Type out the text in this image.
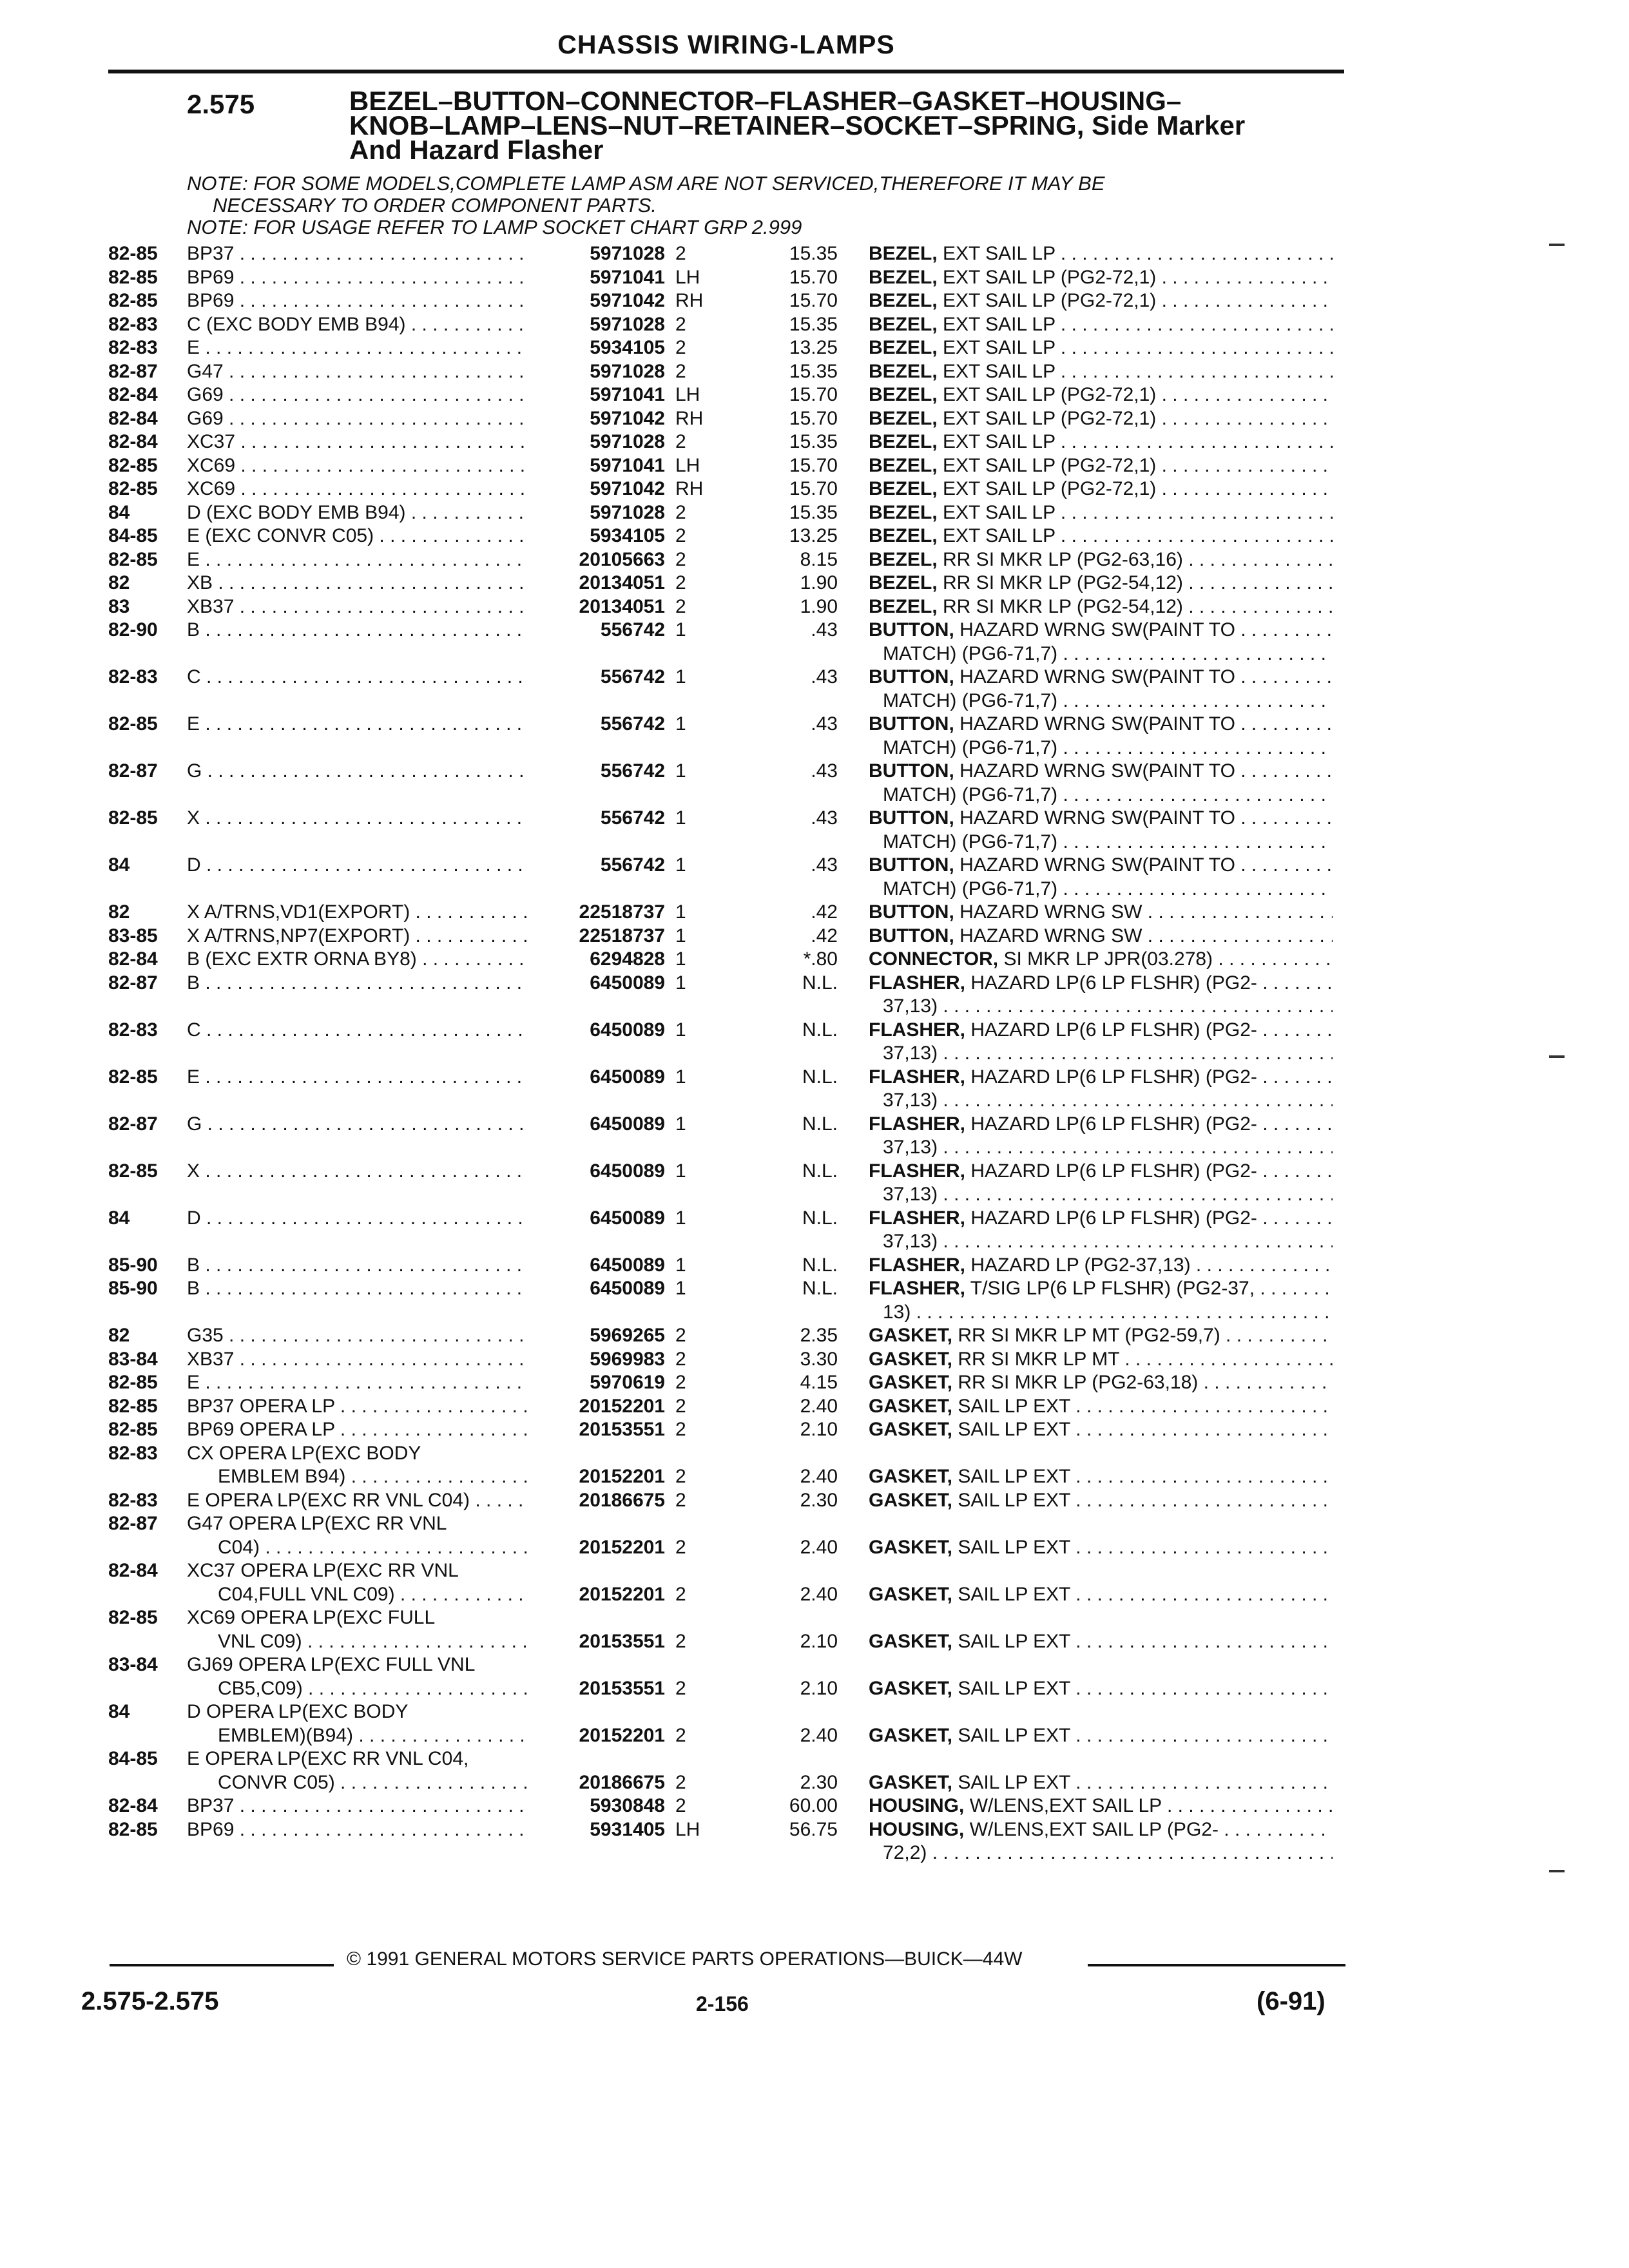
CHASSIS WIRING-LAMPS
2.575	BEZEL–BUTTON–CONNECTOR–FLASHER–GASKET–HOUSING–
KNOB–LAMP–LENS–NUT–RETAINER–SOCKET–SPRING, Side Marker
And Hazard Flasher
NOTE: FOR SOME MODELS,COMPLETE LAMP ASM ARE NOT SERVICED,THEREFORE IT MAY BE
NECESSARY TO ORDER COMPONENT PARTS.
NOTE: FOR USAGE REFER TO LAMP SOCKET CHART GRP 2.999
82-85 BP37 . . .	5971028 2	15.35 BEZEL, EXT SAIL LP . . .
82-85 BP69 . . .	5971041 LH	15.70 BEZEL, EXT SAIL LP (PG2-72,1) . . .
82-85 BP69 . . .	5971042 RH	15.70 BEZEL, EXT SAIL LP (PG2-72,1) . . .
82-83 C (EXC BODY EMB B94) . . .	5971028 2	15.35 BEZEL, EXT SAIL LP . . .
82-83 E . . .	5934105 2	13.25 BEZEL, EXT SAIL LP . . .
82-87 G47 . . .	5971028 2	15.35 BEZEL, EXT SAIL LP . . .
82-84 G69 . . .	5971041 LH	15.70 BEZEL, EXT SAIL LP (PG2-72,1) . . .
82-84 G69 . . .	5971042 RH	15.70 BEZEL, EXT SAIL LP (PG2-72,1) . . .
82-84 XC37 . . .	5971028 2	15.35 BEZEL, EXT SAIL LP . . .
82-85 XC69 . . .	5971041 LH	15.70 BEZEL, EXT SAIL LP (PG2-72,1) . . .
82-85 XC69 . . .	5971042 RH	15.70 BEZEL, EXT SAIL LP (PG2-72,1) . . .
84	D (EXC BODY EMB B94) . . .	5971028 2	15.35 BEZEL, EXT SAIL LP . . .
84-85 E (EXC CONVR C05) . . .	5934105 2	13.25 BEZEL, EXT SAIL LP . . .
82-85 E . . .	20105663 2	8.15 BEZEL, RR SI MKR LP (PG2-63,16) . . .
82	XB . . .	20134051 2	1.90 BEZEL, RR SI MKR LP (PG2-54,12) . . .
83	XB37 . . .	20134051 2	1.90 BEZEL, RR SI MKR LP (PG2-54,12) . . .
82-90 B . . .	556742 1	.43 BUTTON, HAZARD WRNG SW(PAINT TO . . .
MATCH) (PG6-71,7) . . .
82-83 C . . .	556742 1	.43 BUTTON, HAZARD WRNG SW(PAINT TO . . .
MATCH) (PG6-71,7) . . .
82-85 E . . .	556742 1	.43 BUTTON, HAZARD WRNG SW(PAINT TO . . .
MATCH) (PG6-71,7) . . .
82-87 G . . .	556742 1	.43 BUTTON, HAZARD WRNG SW(PAINT TO . . .
MATCH) (PG6-71,7) . . .
82-85 X . . .	556742 1	.43 BUTTON, HAZARD WRNG SW(PAINT TO . . .
MATCH) (PG6-71,7) . . .
84	D . . .	556742 1	.43 BUTTON, HAZARD WRNG SW(PAINT TO . . .
MATCH) (PG6-71,7) . . .
82	X A/TRNS,VD1(EXPORT) . . .	22518737 1	.42 BUTTON, HAZARD WRNG SW . . .
83-85 X A/TRNS,NP7(EXPORT) . . .	22518737 1	.42 BUTTON, HAZARD WRNG SW . . .
82-84 B (EXC EXTR ORNA BY8) . . .	6294828 1	*.80 CONNECTOR, SI MKR LP JPR(03.278) . . .
82-87 B . . .	6450089 1	N.L. FLASHER, HAZARD LP(6 LP FLSHR) (PG2- . . .
37,13) . . .
82-83 C . . .	6450089 1	N.L. FLASHER, HAZARD LP(6 LP FLSHR) (PG2- . . .
37,13) . . .
82-85 E . . .	6450089 1	N.L. FLASHER, HAZARD LP(6 LP FLSHR) (PG2- . . .
37,13) . . .
82-87 G . . .	6450089 1	N.L. FLASHER, HAZARD LP(6 LP FLSHR) (PG2- . . .
37,13) . . .
82-85 X . . .	6450089 1	N.L. FLASHER, HAZARD LP(6 LP FLSHR) (PG2- . . .
37,13) . . .
84	D . . .	6450089 1	N.L. FLASHER, HAZARD LP(6 LP FLSHR) (PG2- . . .
37,13) . . .
85-90 B . . .	6450089 1	N.L. FLASHER, HAZARD LP (PG2-37,13) . . .
85-90 B . . .	6450089 1	N.L. FLASHER, T/SIG LP(6 LP FLSHR) (PG2-37, . . .
13) . . .
82	G35 . . .	5969265 2	2.35 GASKET, RR SI MKR LP MT (PG2-59,7) . . .
83-84 XB37 . . .	5969983 2	3.30 GASKET, RR SI MKR LP MT . . .
82-85 E . . .	5970619 2	4.15 GASKET, RR SI MKR LP (PG2-63,18) . . .
82-85 BP37 OPERA LP . . .	20152201 2	2.40 GASKET, SAIL LP EXT . . .
82-85 BP69 OPERA LP . . .	20153551 2	2.10 GASKET, SAIL LP EXT . . .
82-83 CX OPERA LP(EXC BODY
EMBLEM B94) . . .	20152201 2	2.40 GASKET, SAIL LP EXT . . .
82-83 E OPERA LP(EXC RR VNL C04) . . .	20186675 2	2.30 GASKET, SAIL LP EXT . . .
82-87 G47 OPERA LP(EXC RR VNL
C04) . . .	20152201 2	2.40 GASKET, SAIL LP EXT . . .
82-84 XC37 OPERA LP(EXC RR VNL
C04,FULL VNL C09) . . .	20152201 2	2.40 GASKET, SAIL LP EXT . . .
82-85 XC69 OPERA LP(EXC FULL
VNL C09) . . .	20153551 2	2.10 GASKET, SAIL LP EXT . . .
83-84 GJ69 OPERA LP(EXC FULL VNL
CB5,C09) . . .	20153551 2	2.10 GASKET, SAIL LP EXT . . .
84	D OPERA LP(EXC BODY
EMBLEM)(B94) . . .	20152201 2	2.40 GASKET, SAIL LP EXT . . .
84-85 E OPERA LP(EXC RR VNL C04,
CONVR C05) . . .	20186675 2	2.30 GASKET, SAIL LP EXT . . .
82-84 BP37 . . .	5930848 2	60.00 HOUSING, W/LENS,EXT SAIL LP . . .
82-85 BP69 . . .	5931405 LH	56.75 HOUSING, W/LENS,EXT SAIL LP (PG2- . . .
72,2) . . .
© 1991 GENERAL MOTORS SERVICE PARTS OPERATIONS—BUICK—44W
2.575-2.575	2-156	(6-91)
